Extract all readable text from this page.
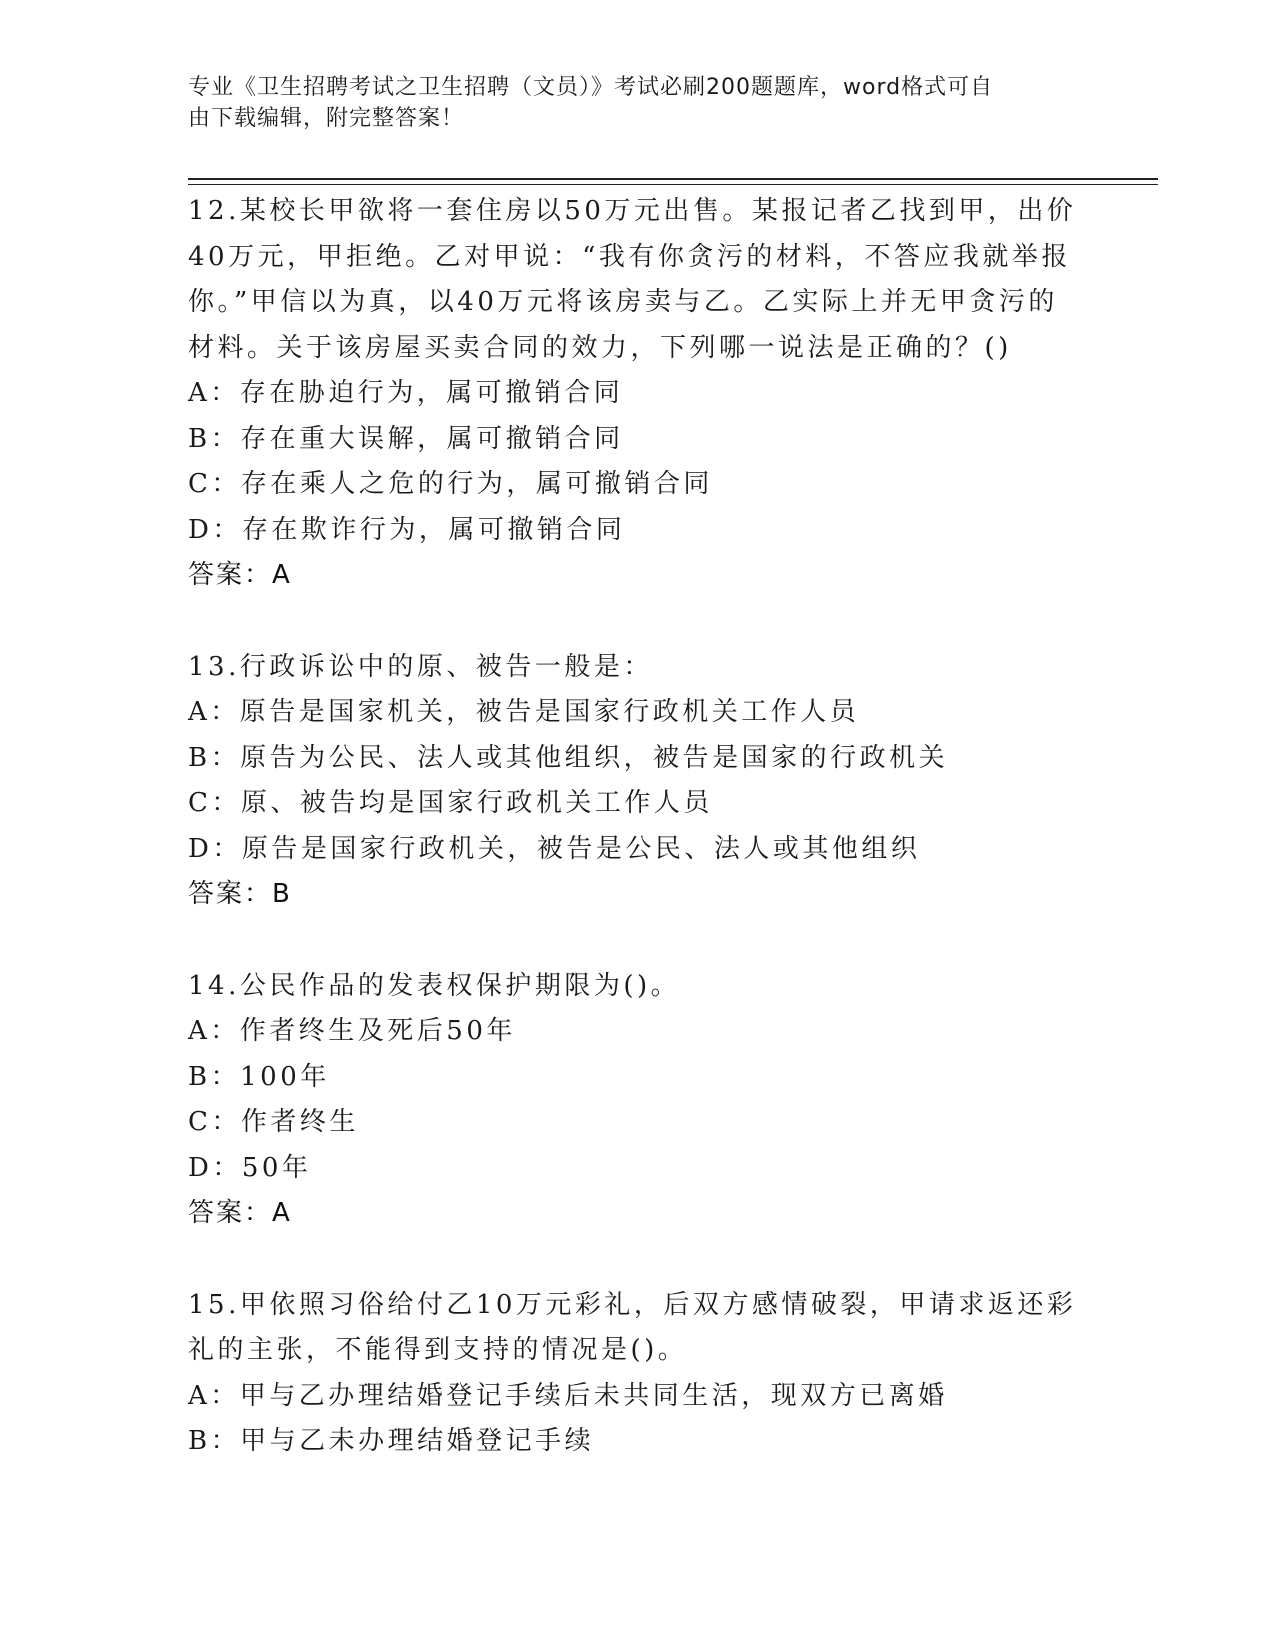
专业《卫生招聘考试之卫生招聘（文员）》考试必刷200题题库，word格式可自
由下载编辑，附完整答案！
12.某校长甲欲将一套住房以50万元出售。某报记者乙找到甲，出价
40万元，甲拒绝。乙对甲说：“我有你贪污的材料，不答应我就举报
你。”甲信以为真，以40万元将该房卖与乙。乙实际上并无甲贪污的
材料。关于该房屋买卖合同的效力，下列哪一说法是正确的？()
A：存在胁迫行为，属可撤销合同
B：存在重大误解，属可撤销合同
C：存在乘人之危的行为，属可撤销合同
D：存在欺诈行为，属可撤销合同
答案：A
13.行政诉讼中的原、被告一般是：
A：原告是国家机关，被告是国家行政机关工作人员
B：原告为公民、法人或其他组织，被告是国家的行政机关
C：原、被告均是国家行政机关工作人员
D：原告是国家行政机关，被告是公民、法人或其他组织
答案：B
14.公民作品的发表权保护期限为()。
A：作者终生及死后50年
B：100年
C：作者终生
D：50年
答案：A
15.甲依照习俗给付乙10万元彩礼，后双方感情破裂，甲请求返还彩
礼的主张，不能得到支持的情况是()。
A：甲与乙办理结婚登记手续后未共同生活，现双方已离婚
B：甲与乙未办理结婚登记手续
